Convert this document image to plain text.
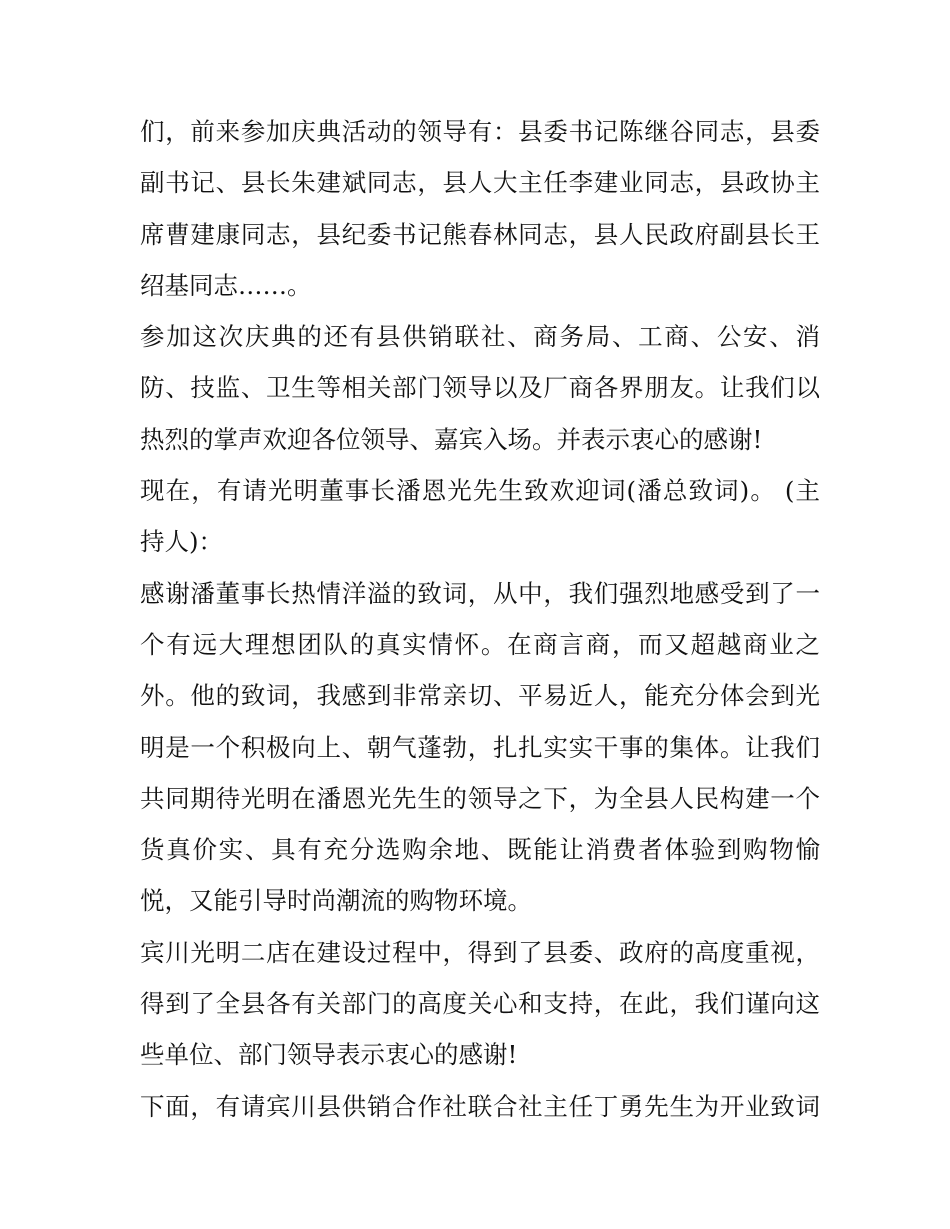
们，前来参加庆典活动的领导有：县委书记陈继谷同志，县委
副书记、县长朱建斌同志，县人大主任李建业同志，县政协主
席曹建康同志，县纪委书记熊春林同志，县人民政府副县长王
绍基同志……。
参加这次庆典的还有县供销联社、商务局、工商、公安、消
防、技监、卫生等相关部门领导以及厂商各界朋友。让我们以
热烈的掌声欢迎各位领导、嘉宾入场。并表示衷心的感谢!
现在，有请光明董事长潘恩光先生致欢迎词(潘总致词)。 (主
持人)：
感谢潘董事长热情洋溢的致词，从中，我们强烈地感受到了一
个有远大理想团队的真实情怀。在商言商，而又超越商业之
外。他的致词，我感到非常亲切、平易近人，能充分体会到光
明是一个积极向上、朝气蓬勃，扎扎实实干事的集体。让我们
共同期待光明在潘恩光先生的领导之下，为全县人民构建一个
货真价实、具有充分选购余地、既能让消费者体验到购物愉
悦，又能引导时尚潮流的购物环境。
宾川光明二店在建设过程中，得到了县委、政府的高度重视，
得到了全县各有关部门的高度关心和支持，在此，我们谨向这
些单位、部门领导表示衷心的感谢!
下面，有请宾川县供销合作社联合社主任丁勇先生为开业致词
